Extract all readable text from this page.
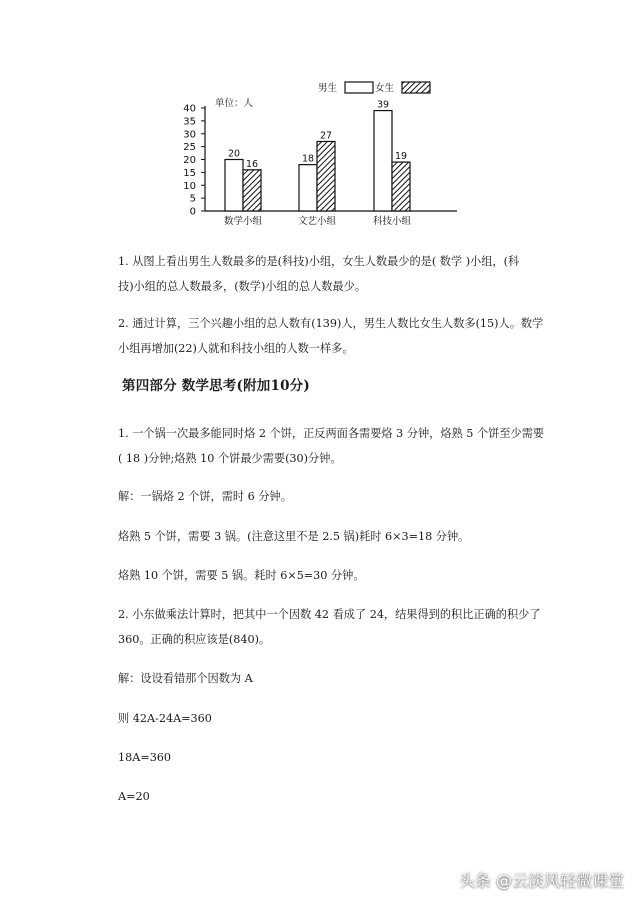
0
5
10
15
20
25
30
35
40 单位：人
男生	女生
20
16
数学小组
18
27
文艺小组
39
19
科技小组
1. 从图上看出男生人数最多的是(科技)小组，女生人数最少的是( 数学 )小组，(科
技)小组的总人数最多，(数学)小组的总人数最少。
2. 通过计算，三个兴趣小组的总人数有(139)人，男生人数比女生人数多(15)人。数学
小组再增加(22)人就和科技小组的人数一样多。
第四部分 数学思考(附加10分)
1. 一个锅一次最多能同时烙 2 个饼，正反两面各需要烙 3 分钟，烙熟 5 个饼至少需要
( 18 )分钟;烙熟 10 个饼最少需要(30)分钟。
解：一锅烙 2 个饼，需时 6 分钟。
烙熟 5 个饼，需要 3 锅。(注意这里不是 2.5 锅)耗时 6×3=18 分钟。
烙熟 10 个饼，需要 5 锅。耗时 6×5=30 分钟。
2. 小东做乘法计算时，把其中一个因数 42 看成了 24，结果得到的积比正确的积少了
360。正确的积应该是(840)。
解：设设看错那个因数为 A
则 42A-24A=360
18A=360
A=20
头条 @云淡风轻微课堂
